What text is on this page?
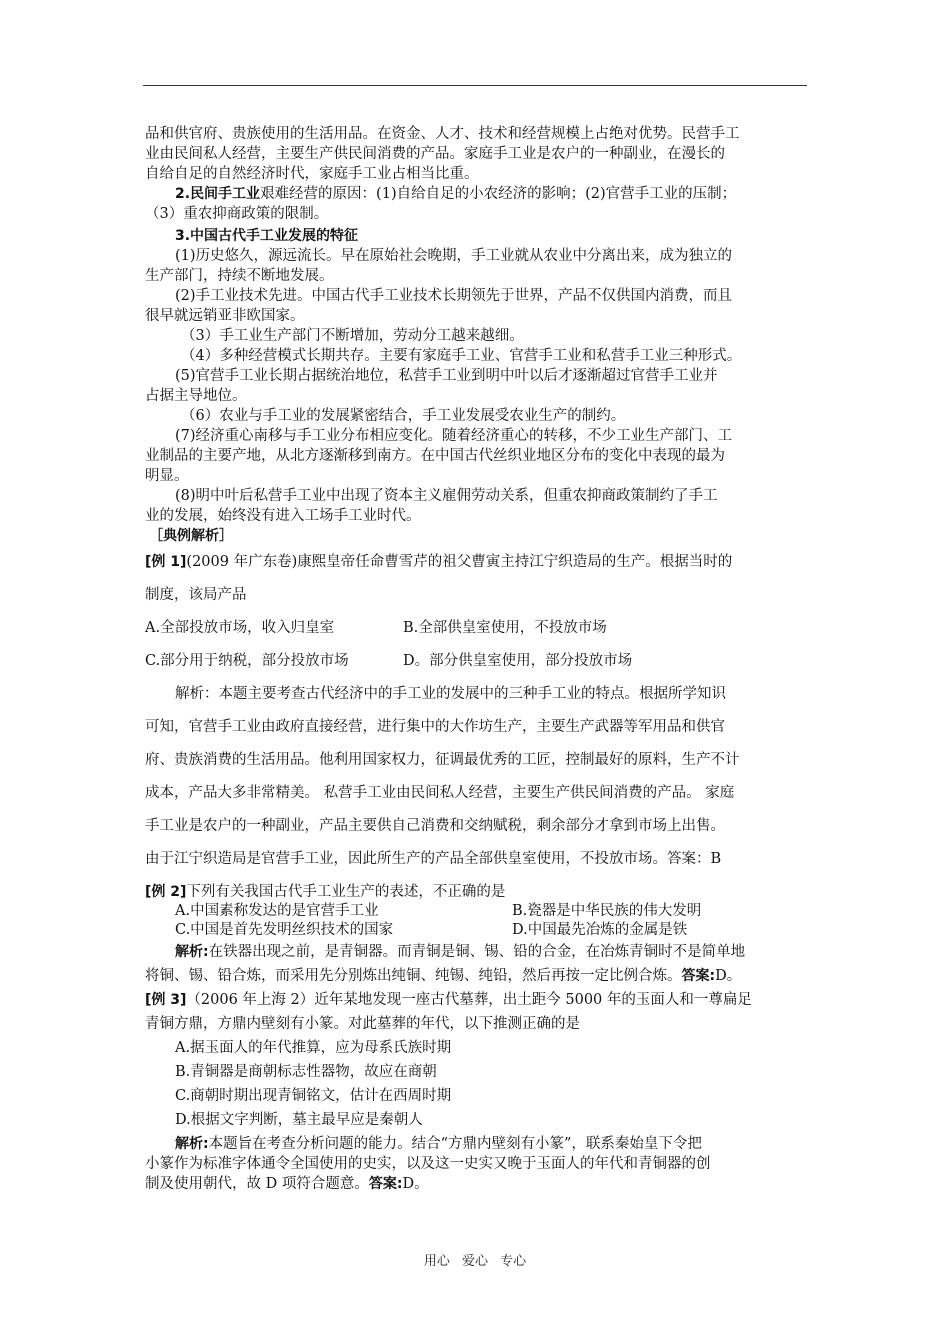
品和供官府、贵族使用的生活用品。在资金、人才、技术和经营规模上占绝对优势。民营手工

业由民间私人经营，主要生产供民间消费的产品。家庭手工业是农户的一种副业，在漫长的

自给自足的自然经济时代，家庭手工业占相当比重。

2.民间手工业艰难经营的原因：(1)自给自足的小农经济的影响；(2)官营手工业的压制；

（3）重农抑商政策的限制。

3.中国古代手工业发展的特征

(1)历史悠久，源远流长。早在原始社会晚期，手工业就从农业中分离出来，成为独立的

生产部门，持续不断地发展。

(2)手工业技术先进。中国古代手工业技术长期领先于世界，产品不仅供国内消费，而且

很早就远销亚非欧国家。

（3）手工业生产部门不断增加，劳动分工越来越细。

（4）多种经营模式长期共存。主要有家庭手工业、官营手工业和私营手工业三种形式。

(5)官营手工业长期占据统治地位，私营手工业到明中叶以后才逐渐超过官营手工业并

占据主导地位。

（6）农业与手工业的发展紧密结合，手工业发展受农业生产的制约。

(7)经济重心南移与手工业分布相应变化。随着经济重心的转移，不少工业生产部门、工

业制品的主要产地，从北方逐渐移到南方。在中国古代丝织业地区分布的变化中表现的最为

明显。

(8)明中叶后私营手工业中出现了资本主义雇佣劳动关系，但重农抑商政策制约了手工

业的发展，始终没有进入工场手工业时代。

［典例解析］

[例 1](2009 年广东卷)康熙皇帝任命曹雪芹的祖父曹寅主持江宁织造局的生产。根据当时的

制度，该局产品

A.全部投放市场，收入归皇室	B.全部供皇室使用，不投放市场
C.部分用于纳税，部分投放市场	D。部分供皇室使用，部分投放市场

解析：本题主要考查古代经济中的手工业的发展中的三种手工业的特点。根据所学知识

可知，官营手工业由政府直接经营，进行集中的大作坊生产，主要生产武器等军用品和供官

府、贵族消费的生活用品。他利用国家权力，征调最优秀的工匠，控制最好的原料，生产不计

成本，产品大多非常精美。 私营手工业由民间私人经营，主要生产供民间消费的产品。 家庭

手工业是农户的一种副业，产品主要供自己消费和交纳赋税，剩余部分才拿到市场上出售。

由于江宁织造局是官营手工业，因此所生产的产品全部供皇室使用，不投放市场。答案：B

[例 2]下列有关我国古代手工业生产的表述，不正确的是

A.中国素称发达的是官营手工业	B.瓷器是中华民族的伟大发明
C.中国是首先发明丝织技术的国家	D.中国最先冶炼的金属是铁

解析:在铁器出现之前，是青铜器。而青铜是铜、锡、铅的合金，在冶炼青铜时不是简单地

将铜、锡、铅合炼，而采用先分别炼出纯铜、纯锡、纯铅，然后再按一定比例合炼。答案:D。

[例 3]（2006 年上海 2）近年某地发现一座古代墓葬，出土距今 5000 年的玉面人和一尊扁足

青铜方鼎，方鼎内壁刻有小篆。对此墓葬的年代，以下推测正确的是

A.据玉面人的年代推算，应为母系氏族时期

B.青铜器是商朝标志性器物，故应在商朝

C.商朝时期出现青铜铭文，估计在西周时期

D.根据文字判断，墓主最早应是秦朝人

解析:本题旨在考查分析问题的能力。结合“方鼎内壁刻有小篆”，联系秦始皇下令把

小篆作为标准字体通令全国使用的史实，以及这一史实又晚于玉面人的年代和青铜器的创

制及使用朝代，故 D 项符合题意。答案:D。

用心 爱心 专心
